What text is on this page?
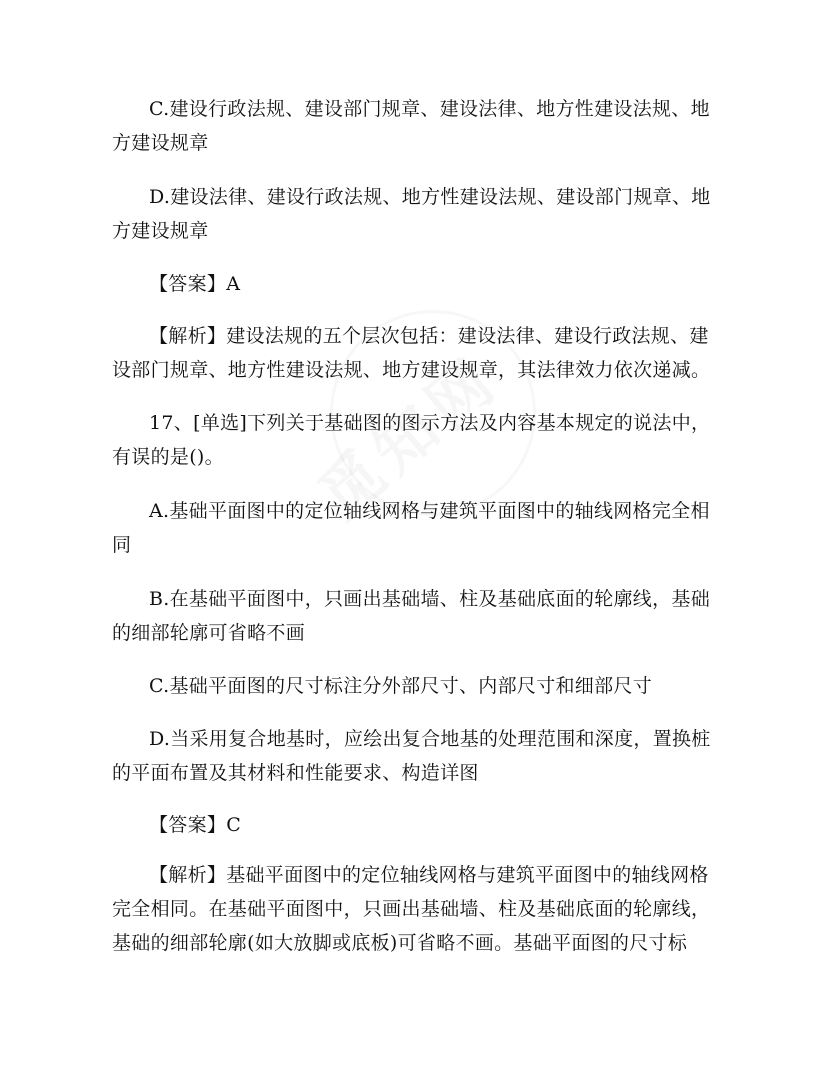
C.建设行政法规、建设部门规章、建设法律、地方性建设法规、地方建设规章

D.建设法律、建设行政法规、地方性建设法规、建设部门规章、地方建设规章

【答案】A

【解析】建设法规的五个层次包括：建设法律、建设行政法规、建设部门规章、地方性建设法规、地方建设规章，其法律效力依次递减。

17、[单选]下列关于基础图的图示方法及内容基本规定的说法中，有误的是()。

A.基础平面图中的定位轴线网格与建筑平面图中的轴线网格完全相同

B.在基础平面图中，只画出基础墙、柱及基础底面的轮廓线，基础的细部轮廓可省略不画

C.基础平面图的尺寸标注分外部尺寸、内部尺寸和细部尺寸

D.当采用复合地基时，应绘出复合地基的处理范围和深度，置换桩的平面布置及其材料和性能要求、构造详图

【答案】C

【解析】基础平面图中的定位轴线网格与建筑平面图中的轴线网格完全相同。在基础平面图中，只画出基础墙、柱及基础底面的轮廓线，基础的细部轮廓(如大放脚或底板)可省略不画。基础平面图的尺寸标
